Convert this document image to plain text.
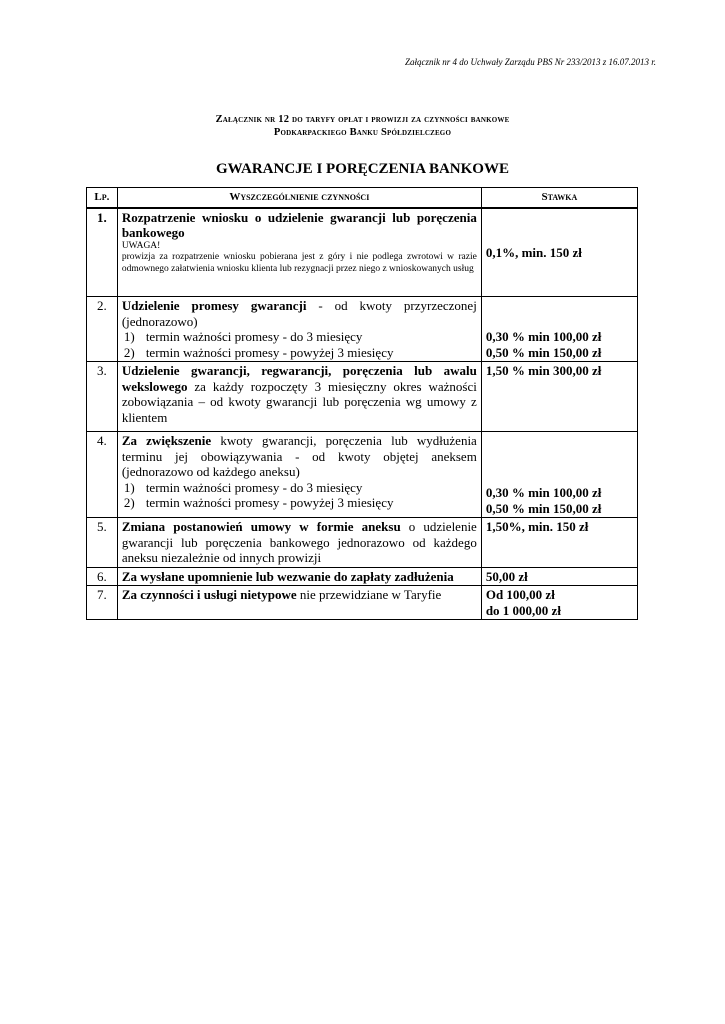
Załącznik nr 4 do Uchwały Zarządu PBS Nr 233/2013 z 16.07.2013 r.
Załącznik nr 12 do taryfy opłat i prowizji za czynności bankowe
Podkarpackiego Banku Spółdzielczego
GWARANCJE I PORĘCZENIA BANKOWE
Lp.	Wyszczególnienie czynności	Stawka
1.	Rozpatrzenie wniosku o udzielenie gwarancji lub poręczenia bankowego
UWAGA!
prowizja za rozpatrzenie wniosku pobierana jest z góry i nie podlega zwrotowi w razie odmownego załatwienia wniosku klienta lub rezygnacji przez niego z wnioskowanych usług	0,1%, min. 150 zł
2.	Udzielenie promesy gwarancji - od kwoty przyrzeczonej (jednorazowo)
1) termin ważności promesy - do 3 miesięcy
2) termin ważności promesy - powyżej 3 miesięcy	0,30 % min 100,00 zł
0,50 % min 150,00 zł

3.	Udzielenie gwarancji, regwarancji, poręczenia lub awalu wekslowego za każdy rozpoczęty 3 miesięczny okres ważności zobowiązania – od kwoty gwarancji lub poręczenia wg umowy z klientem	1,50 % min 300,00 zł
4.	Za zwiększenie kwoty gwarancji, poręczenia lub wydłużenia terminu jej obowiązywania - od kwoty objętej aneksem (jednorazowo od każdego aneksu)
1) termin ważności promesy - do 3 miesięcy
2) termin ważności promesy - powyżej 3 miesięcy	0,30 % min 100,00 zł
0,50 % min 150,00 zł

5.	Zmiana postanowień umowy w formie aneksu o udzielenie gwarancji lub poręczenia bankowego jednorazowo od każdego aneksu niezależnie od innych prowizji	1,50%, min. 150 zł
6.	Za wysłane upomnienie lub wezwanie do zapłaty zadłużenia	50,00 zł
7.	Za czynności i usługi nietypowe nie przewidziane w Taryfie	Od 100,00 zł
do 1 000,00 zł
